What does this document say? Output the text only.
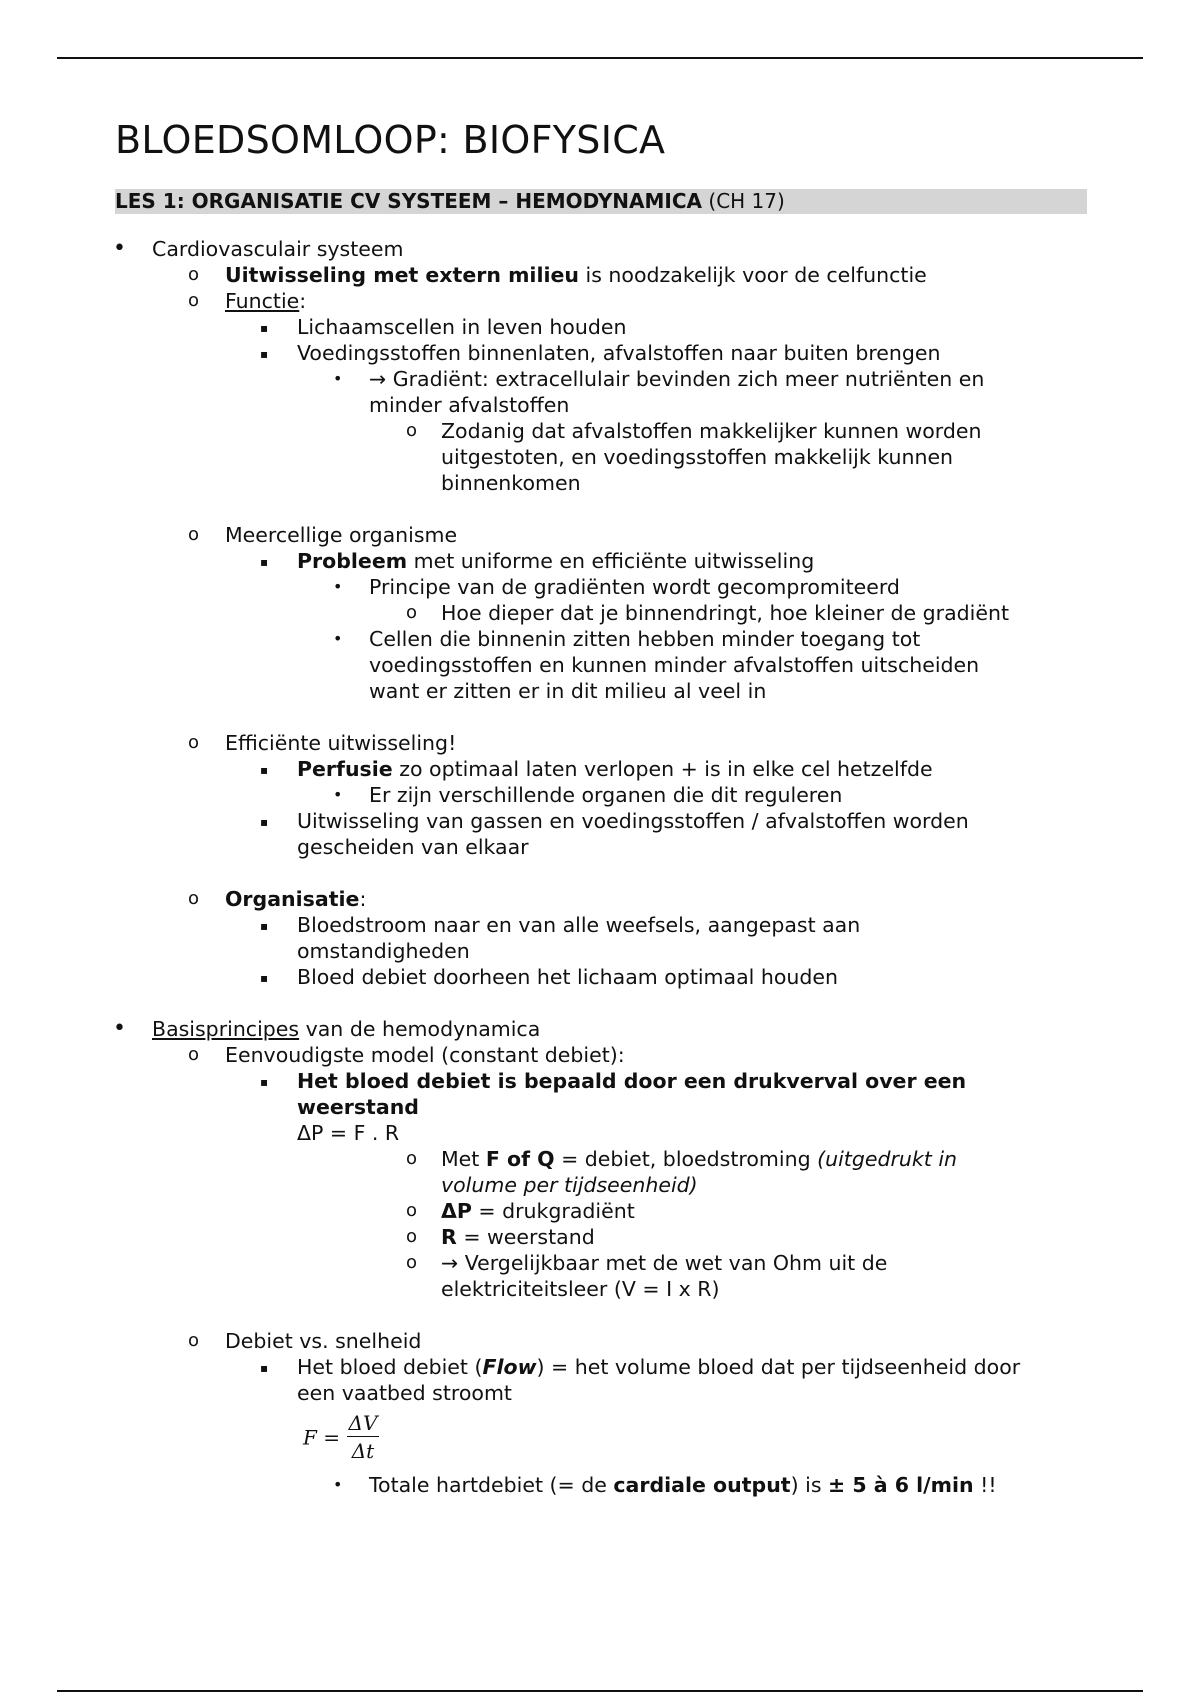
BLOEDSOMLOOP: BIOFYSICA
LES 1: ORGANISATIE CV SYSTEEM – HEMODYNAMICA (CH 17)
• Cardiovasculair systeem
o Uitwisseling met extern milieu is noodzakelijk voor de celfunctie
o Functie:
▪ Lichaamscellen in leven houden
▪ Voedingsstoffen binnenlaten, afvalstoffen naar buiten brengen
• → Gradiënt: extracellulair bevinden zich meer nutriënten en
minder afvalstoffen
o Zodanig dat afvalstoffen makkelijker kunnen worden
uitgestoten, en voedingsstoffen makkelijk kunnen
binnenkomen
o Meercellige organisme
▪ Probleem met uniforme en efficiënte uitwisseling
• Principe van de gradiënten wordt gecompromiteerd
o Hoe dieper dat je binnendringt, hoe kleiner de gradiënt
• Cellen die binnenin zitten hebben minder toegang tot
voedingsstoffen en kunnen minder afvalstoffen uitscheiden
want er zitten er in dit milieu al veel in
o Efficiënte uitwisseling!
▪ Perfusie zo optimaal laten verlopen + is in elke cel hetzelfde
• Er zijn verschillende organen die dit reguleren
▪ Uitwisseling van gassen en voedingsstoffen / afvalstoffen worden
gescheiden van elkaar
o Organisatie:
▪ Bloedstroom naar en van alle weefsels, aangepast aan
omstandigheden
▪ Bloed debiet doorheen het lichaam optimaal houden
• Basisprincipes van de hemodynamica
o Eenvoudigste model (constant debiet):
▪ Het bloed debiet is bepaald door een drukverval over een
weerstand
ΔP = F . R
o Met F of Q = debiet, bloedstroming (uitgedrukt in
volume per tijdseenheid)
o ΔP = drukgradiënt
o R = weerstand
o → Vergelijkbaar met de wet van Ohm uit de
elektriciteitsleer (V = I x R)
o Debiet vs. snelheid
▪ Het bloed debiet (Flow) = het volume bloed dat per tijdseenheid door
een vaatbed stroomt
$F = \frac{\Delta V}{\Delta t}$
• Totale hartdebiet (= de cardiale output) is ± 5 à 6 l/min !!
